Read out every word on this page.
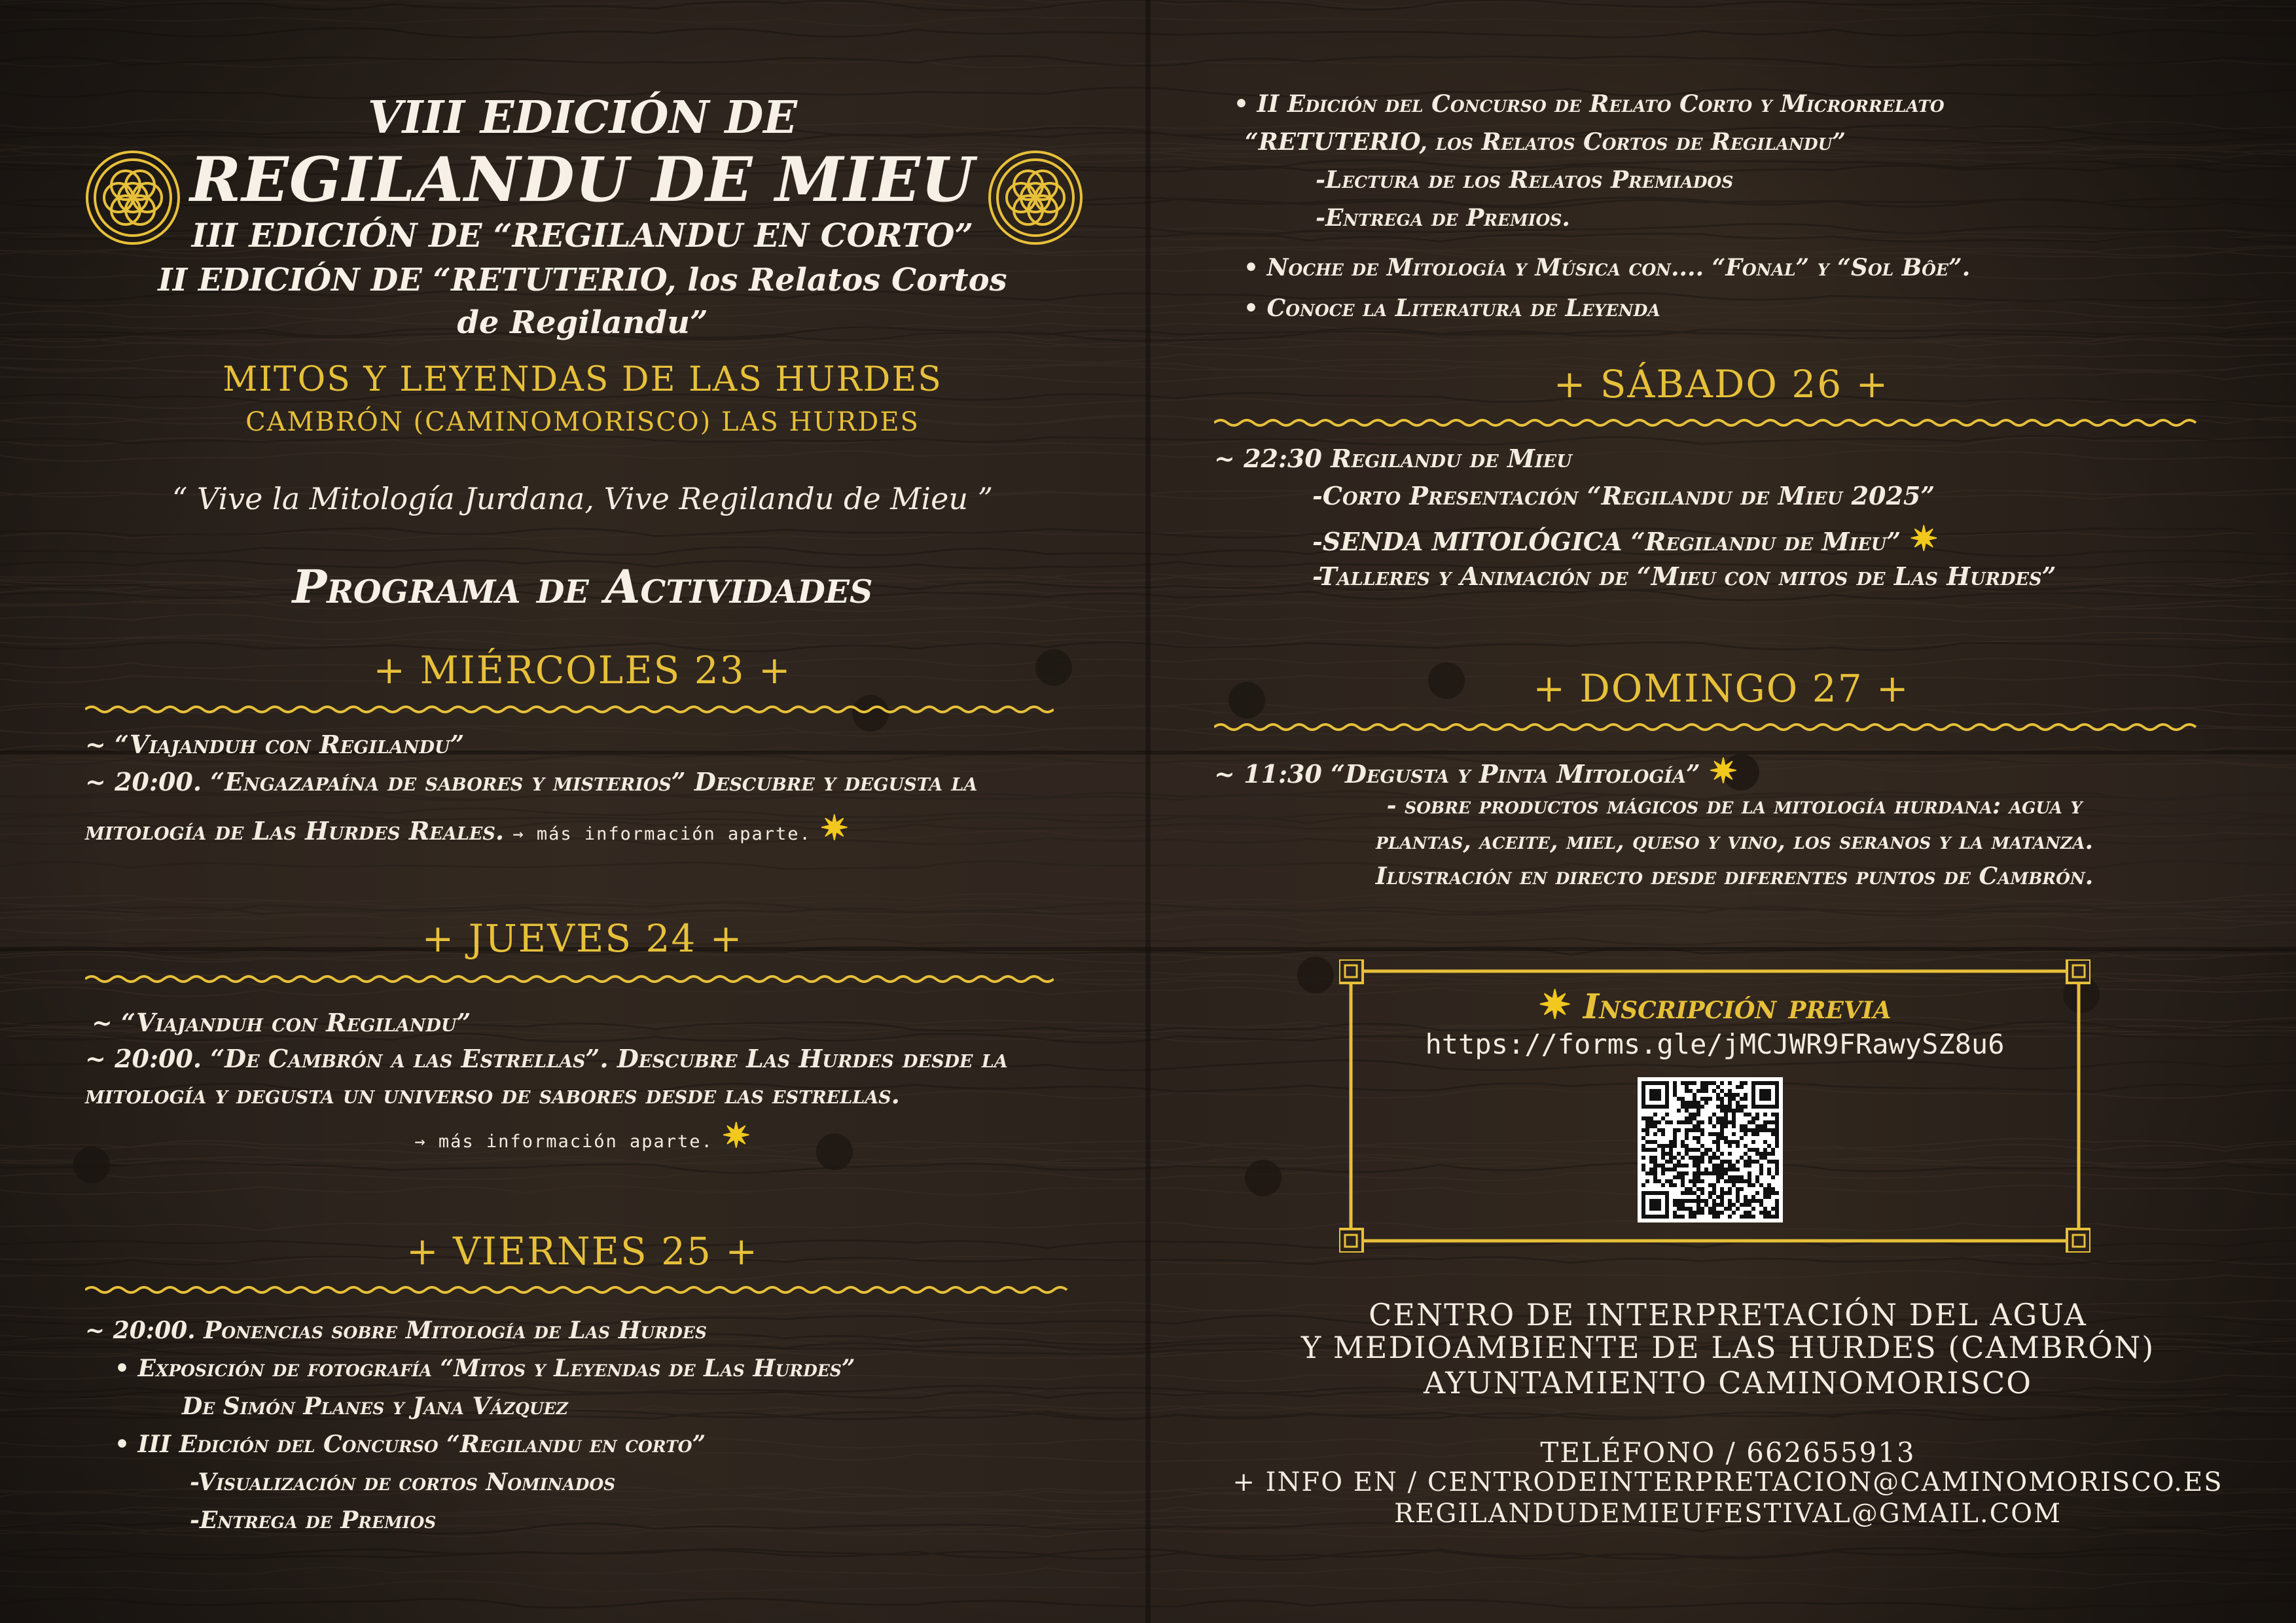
VIII EDICIÓN DE
REGILANDU DE MIEU
III EDICIÓN DE “REGILANDU EN CORTO”
II EDICIÓN DE “RETUTERIO, los Relatos Cortos
de Regilandu”
MITOS Y LEYENDAS DE LAS HURDES
CAMBRÓN (CAMINOMORISCO) LAS HURDES
“ Vive la Mitología Jurdana, Vive Regilandu de Mieu ”
Programa de Actividades
+ MIÉRCOLES 23 +
~ “Viajanduh con Regilandu”
~ 20:00. “Engazapaína de sabores y misterios” Descubre y degusta la
mitología de Las Hurdes Reales. → más información aparte. ✷
+ JUEVES 24 +
~ “Viajanduh con Regilandu”
~ 20:00. “De Cambrón a las Estrellas”. Descubre Las Hurdes desde la
mitología y degusta un universo de sabores desde las estrellas.
→ más información aparte. ✷
+ VIERNES 25 +
~ 20:00. Ponencias sobre Mitología de Las Hurdes
• Exposición de fotografía “Mitos y Leyendas de Las Hurdes”
De Simón Planes y Jana Vázquez
• III Edición del Concurso “Regilandu en corto”
-Visualización de cortos Nominados
-Entrega de Premios
• II Edición del Concurso de Relato Corto y Microrrelato
“RETUTERIO, los Relatos Cortos de Regilandu”
-Lectura de los Relatos Premiados
-Entrega de Premios.
• Noche de Mitología y Música con.... “Fonal” y “Sol Bôe”.
• Conoce la Literatura de Leyenda
+ SÁBADO 26 +
~ 22:30 Regilandu de Mieu
-Corto Presentación “Regilandu de Mieu 2025”
-SENDA MITOLÓGICA “Regilandu de Mieu” ✷
-Talleres y Animación de “Mieu con mitos de Las Hurdes”
+ DOMINGO 27 +
~ 11:30 “Degusta y Pinta Mitología” ✷
- sobre productos mágicos de la mitología hurdana: agua y
plantas, aceite, miel, queso y vino, los seranos y la matanza.
Ilustración en directo desde diferentes puntos de Cambrón.
✷ Inscripción previa
https://forms.gle/jMCJWR9FRawySZ8u6
CENTRO DE INTERPRETACIÓN DEL AGUA
Y MEDIOAMBIENTE DE LAS HURDES (CAMBRÓN)
AYUNTAMIENTO CAMINOMORISCO
TELÉFONO / 662655913
+ INFO EN / CENTRODEINTERPRETACION@CAMINOMORISCO.ES
REGILANDUDEMIEUFESTIVAL@GMAIL.COM
